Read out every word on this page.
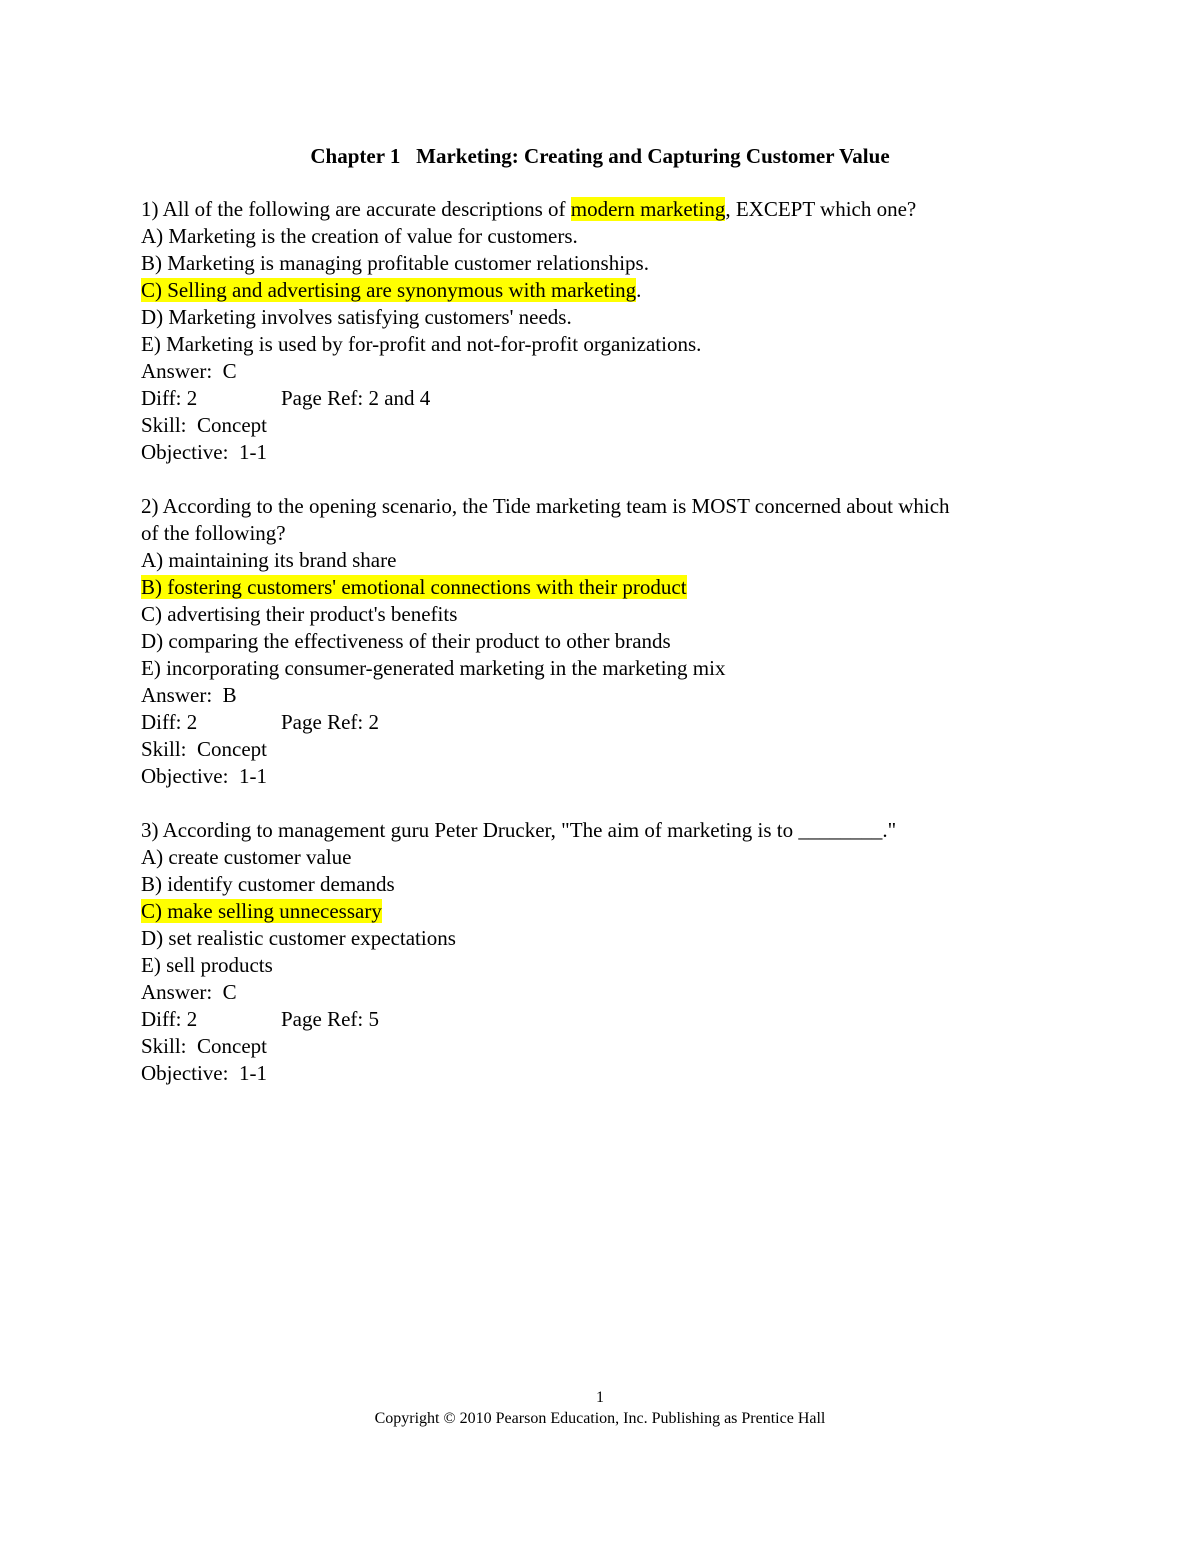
Chapter 1   Marketing: Creating and Capturing Customer Value
1) All of the following are accurate descriptions of modern marketing, EXCEPT which one?
A) Marketing is the creation of value for customers.
B) Marketing is managing profitable customer relationships.
C) Selling and advertising are synonymous with marketing.
D) Marketing involves satisfying customers' needs.
E) Marketing is used by for-profit and not-for-profit organizations.
Answer:  C
Diff: 2	Page Ref: 2 and 4
Skill:  Concept
Objective:  1-1
2) According to the opening scenario, the Tide marketing team is MOST concerned about which
of the following?
A) maintaining its brand share
B) fostering customers' emotional connections with their product
C) advertising their product's benefits
D) comparing the effectiveness of their product to other brands
E) incorporating consumer-generated marketing in the marketing mix
Answer:  B
Diff: 2	Page Ref: 2
Skill:  Concept
Objective:  1-1
3) According to management guru Peter Drucker, "The aim of marketing is to ________."
A) create customer value
B) identify customer demands
C) make selling unnecessary
D) set realistic customer expectations
E) sell products
Answer:  C
Diff: 2	Page Ref: 5
Skill:  Concept
Objective:  1-1
1
Copyright © 2010 Pearson Education, Inc. Publishing as Prentice Hall
